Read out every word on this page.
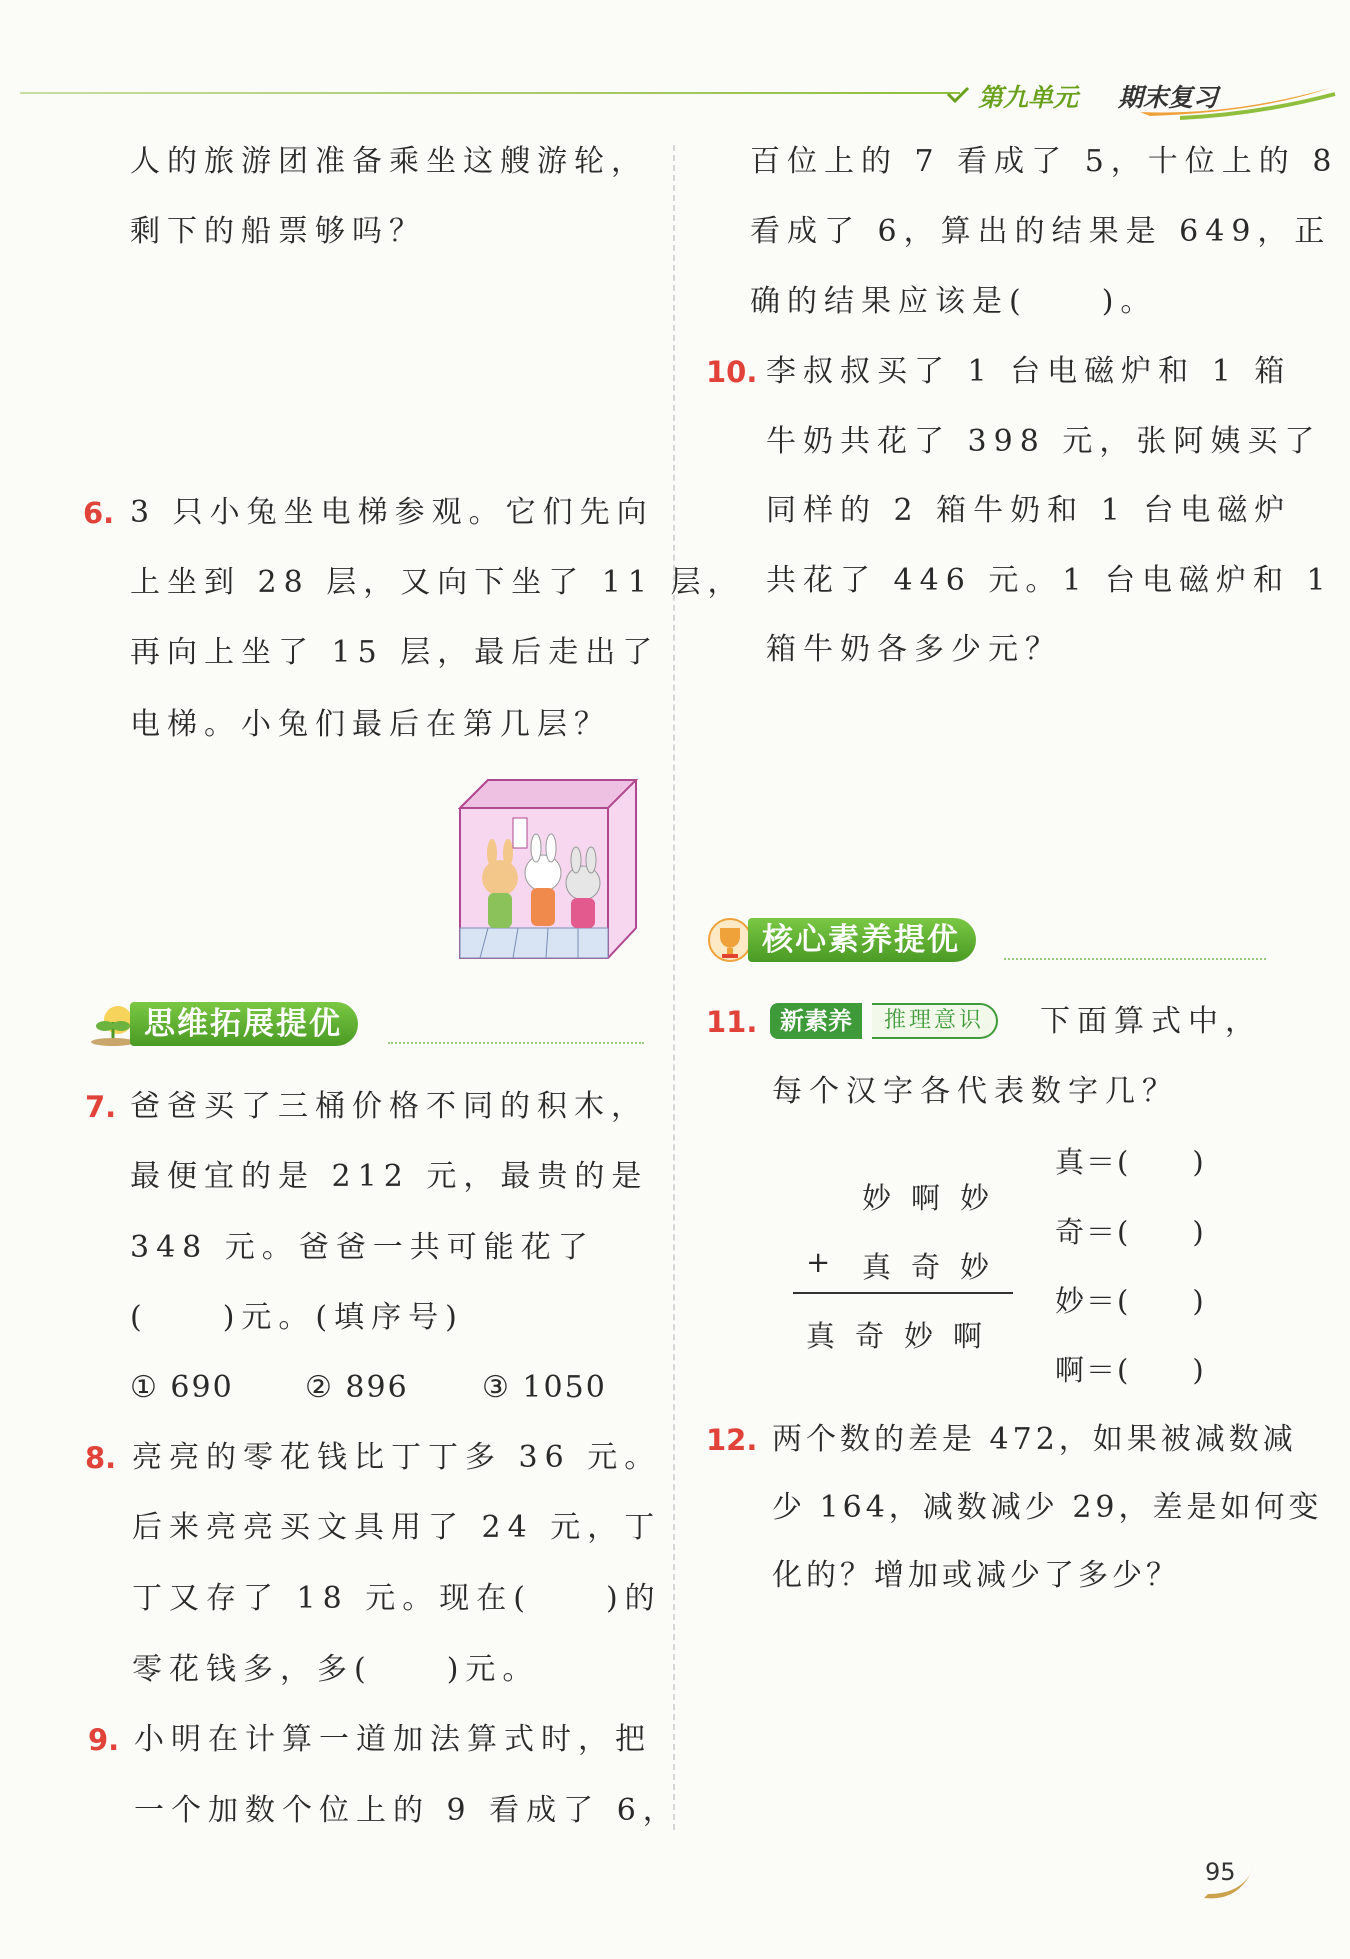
第九单元 期末复习
人的旅游团准备乘坐这艘游轮，
剩下的船票够吗？
6. 3 只小兔坐电梯参观。它们先向
上坐到 28 层，又向下坐了 11 层，
再向上坐了 15 层，最后走出了
电梯。小兔们最后在第几层？
思维拓展提优
7. 爸爸买了三桶价格不同的积木，
最便宜的是 212 元，最贵的是
348 元。爸爸一共可能花了
(　　)元。(填序号)
① 690 ② 896 ③ 1050
8. 亮亮的零花钱比丁丁多 36 元。
后来亮亮买文具用了 24 元，丁
丁又存了 18 元。现在(　　)的
零花钱多，多(　　)元。
9. 小明在计算一道加法算式时，把
一个加数个位上的 9 看成了 6，
百位上的 7 看成了 5，十位上的 8
看成了 6，算出的结果是 649，正
确的结果应该是(　　)。
10. 李叔叔买了 1 台电磁炉和 1 箱
牛奶共花了 398 元，张阿姨买了
同样的 2 箱牛奶和 1 台电磁炉
共花了 446 元。1 台电磁炉和 1
箱牛奶各多少元？
核心素养提优
11. 新素养	推理意识	下面算式中，
每个汉字各代表数字几？
妙啊妙
+ 真奇妙
真奇妙啊
真＝(　　)
奇＝(　　)
妙＝(　　)
啊＝(　　)
12. 两个数的差是 472，如果被减数减
少 164，减数减少 29，差是如何变
化的？增加或减少了多少？
95
